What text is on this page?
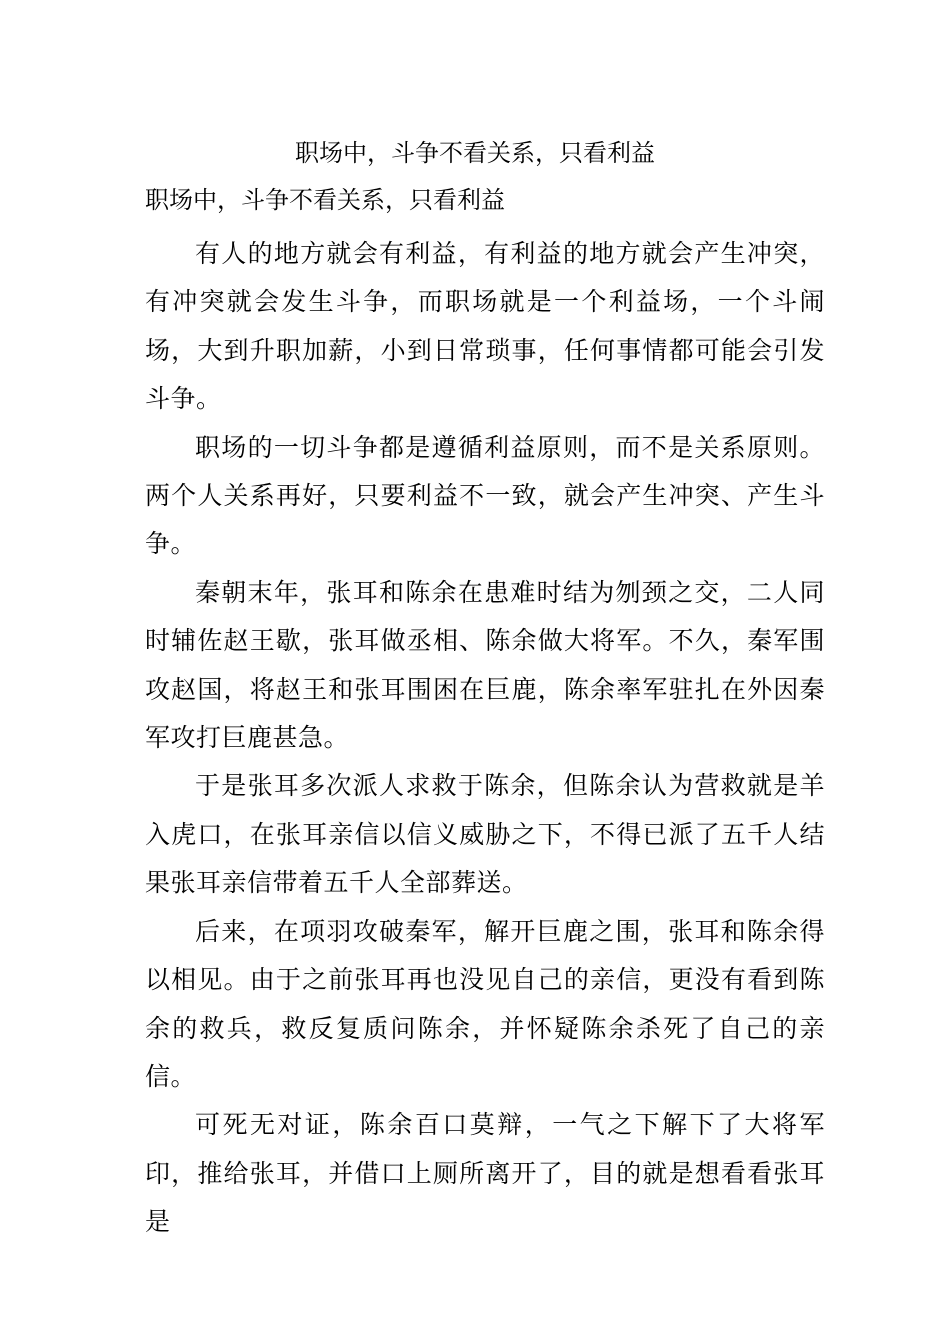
职场中，斗争不看关系，只看利益
职场中，斗争不看关系，只看利益

有人的地方就会有利益，有利益的地方就会产生冲突，有冲突就会发生斗争，而职场就是一个利益场，一个斗闹场，大到升职加薪，小到日常琐事，任何事情都可能会引发斗争。

职场的一切斗争都是遵循利益原则，而不是关系原则。两个人关系再好，只要利益不一致，就会产生冲突、产生斗争。

秦朝末年，张耳和陈余在患难时结为刎颈之交，二人同时辅佐赵王歇，张耳做丞相、陈余做大将军。不久，秦军围攻赵国，将赵王和张耳围困在巨鹿，陈余率军驻扎在外因秦军攻打巨鹿甚急。

于是张耳多次派人求救于陈余，但陈余认为营救就是羊入虎口，在张耳亲信以信义威胁之下，不得已派了五千人结果张耳亲信带着五千人全部葬送。

后来，在项羽攻破秦军，解开巨鹿之围，张耳和陈余得以相见。由于之前张耳再也没见自己的亲信，更没有看到陈余的救兵，救反复质问陈余，并怀疑陈余杀死了自己的亲信。

可死无对证，陈余百口莫辩，一气之下解下了大将军印，推给张耳，并借口上厕所离开了，目的就是想看看张耳是
